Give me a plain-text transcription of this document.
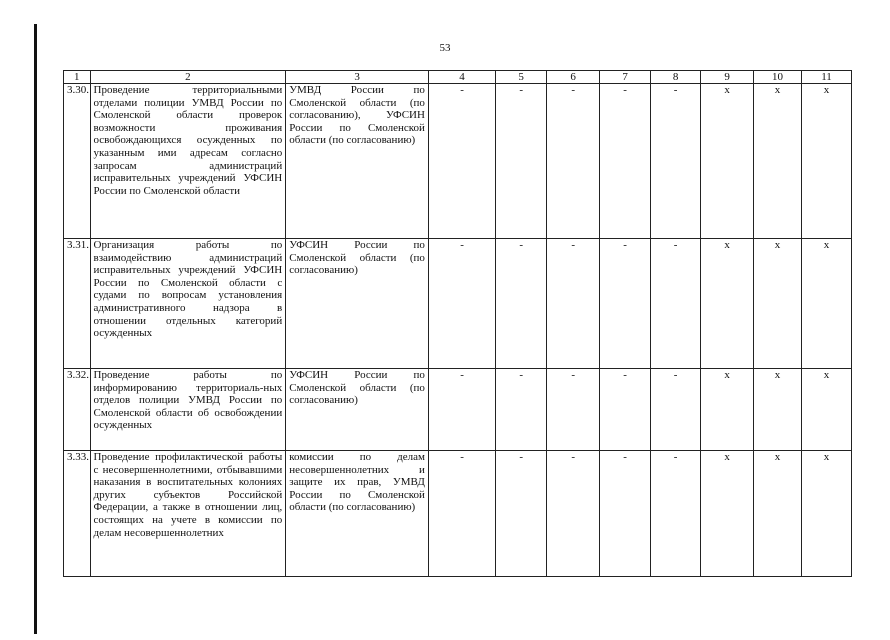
53
1	2	3	4	5	6	7	8	9	10	11
3.30.	Проведение территориальными отделами полиции УМВД России по Смоленской области проверок возможности проживания освобождающихся осужденных по указанным ими адресам согласно запросам администраций исправительных учреждений УФСИН России по Смоленской области	УМВД России по Смоленской области (по согласованию), УФСИН России по Смоленской области (по согласованию)	-	-	-	-	-	х	х	х
3.31.	Организация работы по взаимодействию администраций исправительных учреждений УФСИН России по Смоленской области с судами по вопросам установления административного надзора в отношении отдельных категорий осужденных	УФСИН России по Смоленской области (по согласованию)	-	-	-	-	-	х	х	х
3.32.	Проведение работы по информированию территориаль-ных отделов полиции УМВД России по Смоленской области об освобождении осужденных	УФСИН России по Смоленской области (по согласованию)	-	-	-	-	-	х	х	х
3.33.	Проведение профилактической работы с несовершеннолетними, отбывавшими наказания в воспитательных колониях других субъектов Российской Федерации, а также в отношении лиц, состоящих на учете в комиссии по делам несовершеннолетних	комиссии по делам несовершеннолетних и защите их прав, УМВД России по Смоленской области (по согласованию)	-	-	-	-	-	х	х	х
